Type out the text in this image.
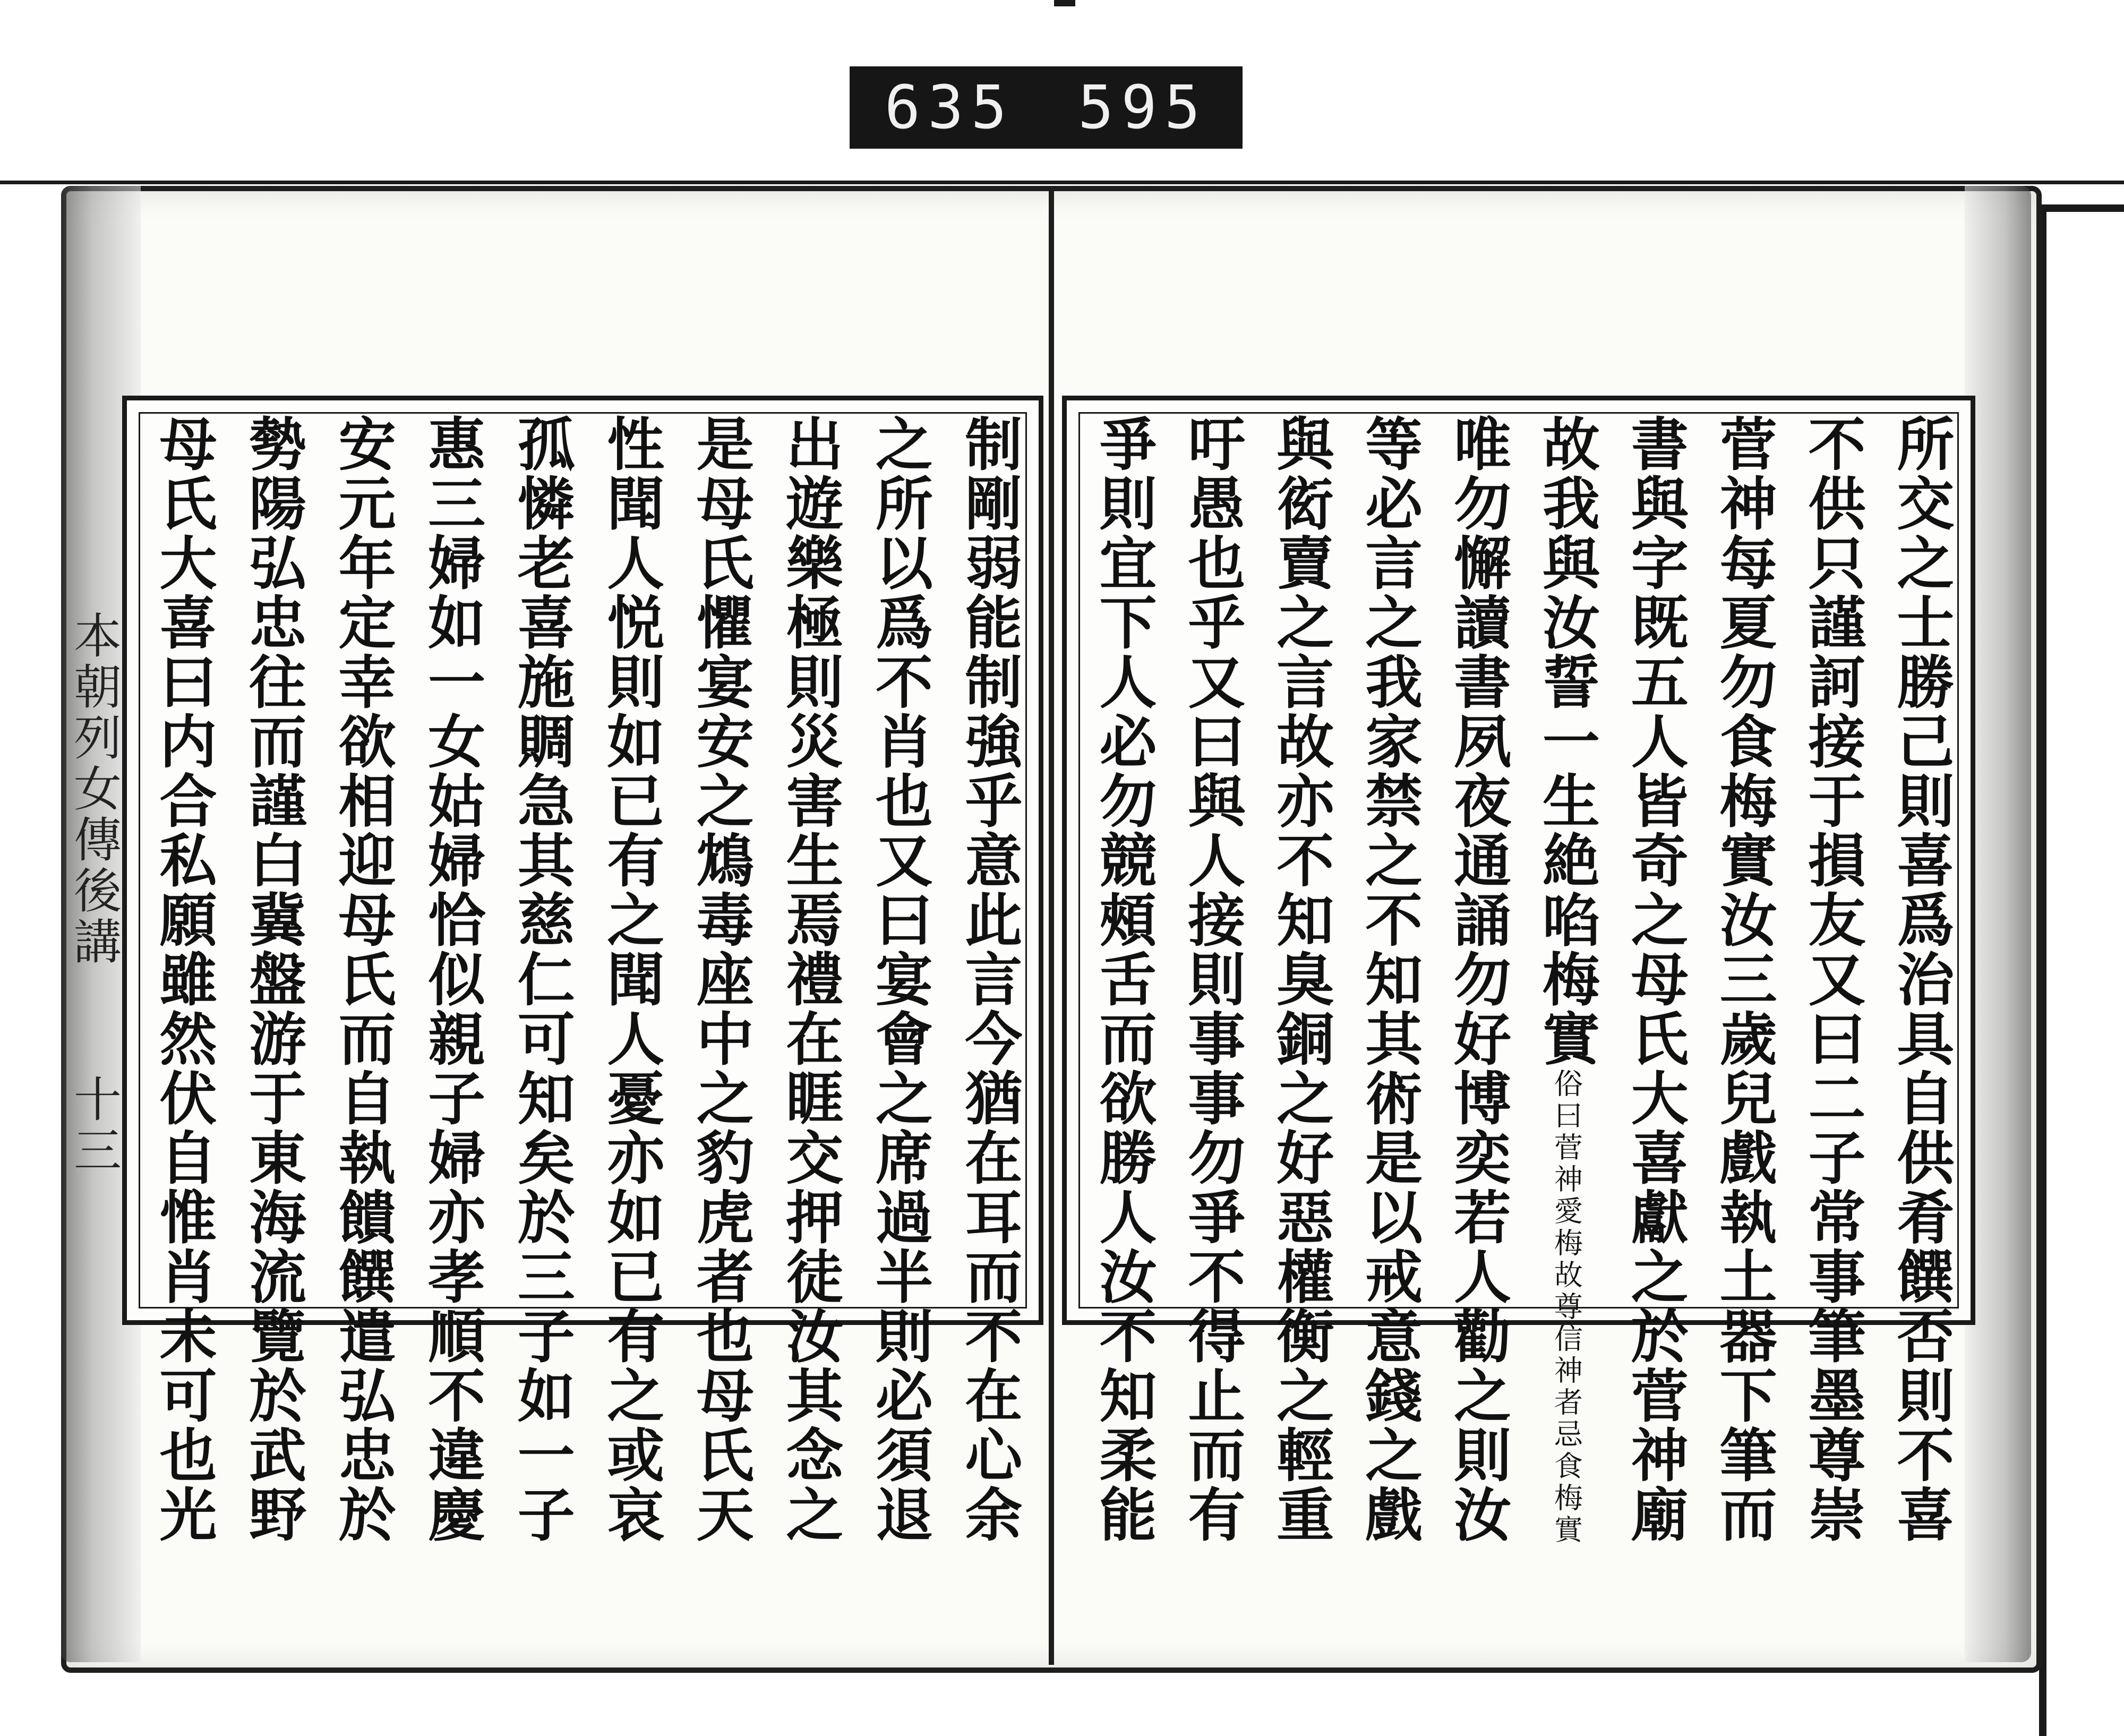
635 595
本朝列女傳後講 十三	制剛弱能制強乎意此言今猶在耳而不在心余
之所以爲不肖也又曰宴會之席過半則必須退
出遊樂極則災害生焉禮在睚交押徒汝其念之
是母氏懼宴安之鴆毒座中之豹虎者也母氏天
性聞人悦則如已有之聞人憂亦如已有之或哀
孤憐老喜施賙急其慈仁可知矣於三子如一子
惠三婦如一女姑婦恰似親子婦亦孝順不違慶
安元年定幸欲相迎母氏而自執饋饌遣弘忠於
勢陽弘忠往而謹白冀盤游于東海流覽於武野
母氏大喜曰内合私願雖然伏自惟肖未可也光	所交之士勝己則喜爲治具自供肴饌否則不喜
不供只謹訶接于損友又曰二子常事筆墨尊崇
菅神每夏勿食梅實汝三歲兒戲執土器下筆而
書與字既五人皆奇之母氏大喜獻之於菅神廟
故我與汝誓一生絶啗梅實俗曰菅神愛梅故尊信神者忌食梅實
唯勿懈讀書夙夜通誦勿好博奕若人勸之則汝
等必言之我家禁之不知其術是以戒意錢之戲
與衒賣之言故亦不知臭銅之好惡權衡之輕重
吁愚也乎又曰與人接則事事勿爭不得止而有
爭則宜下人必勿競頰舌而欲勝人汝不知柔能
